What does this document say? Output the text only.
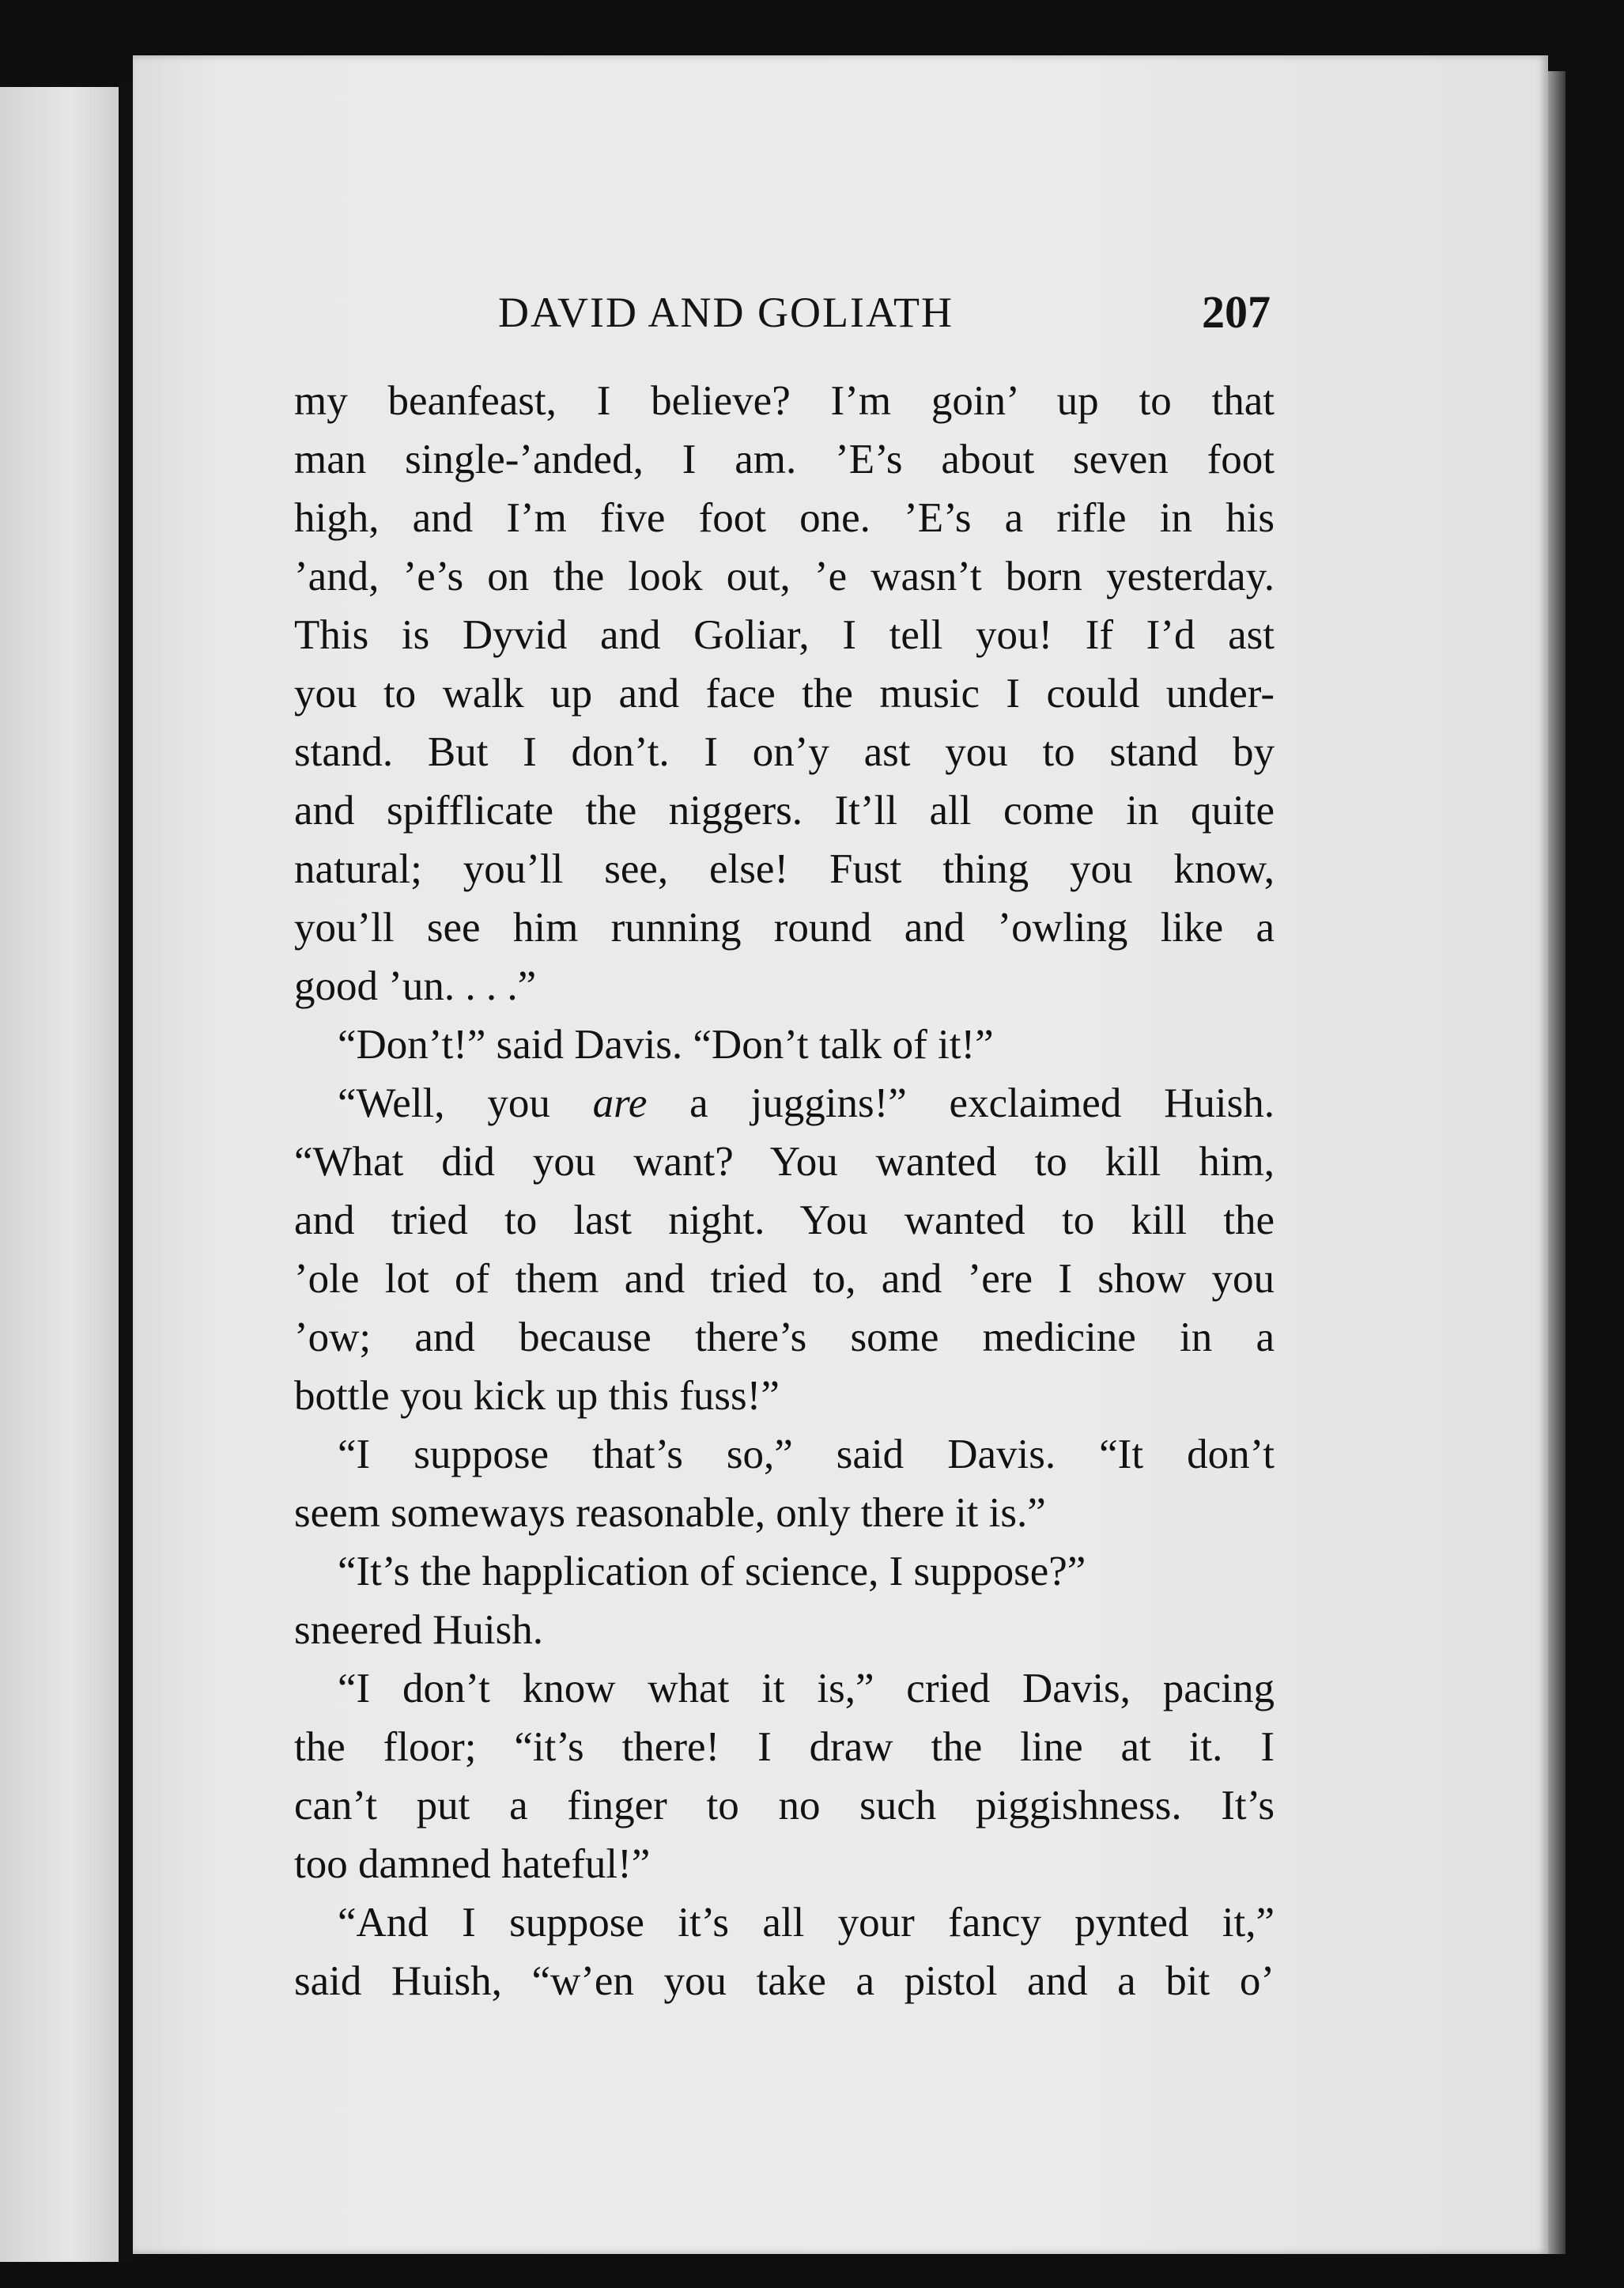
DAVID AND GOLIATH	207
my beanfeast, I believe? I’m goin’ up to that
man single-’anded, I am. ’E’s about seven foot
high, and I’m five foot one. ’E’s a rifle in his
’and, ’e’s on the look out, ’e wasn’t born yesterday.
This is Dyvid and Goliar, I tell you! If I’d ast
you to walk up and face the music I could under-
stand. But I don’t. I on’y ast you to stand by
and spifflicate the niggers. It’ll all come in quite
natural; you’ll see, else! Fust thing you know,
you’ll see him running round and ’owling like a
good ’un. . . .”
“Don’t!” said Davis. “Don’t talk of it!”
“Well, you are a juggins!” exclaimed Huish.
“What did you want? You wanted to kill him,
and tried to last night. You wanted to kill the
’ole lot of them and tried to, and ’ere I show you
’ow; and because there’s some medicine in a
bottle you kick up this fuss!”
“I suppose that’s so,” said Davis. “It don’t
seem someways reasonable, only there it is.”
“It’s the happlication of science, I suppose?”
sneered Huish.
“I don’t know what it is,” cried Davis, pacing
the floor; “it’s there! I draw the line at it. I
can’t put a finger to no such piggishness. It’s
too damned hateful!”
“And I suppose it’s all your fancy pynted it,”
said Huish, “w’en you take a pistol and a bit o’
